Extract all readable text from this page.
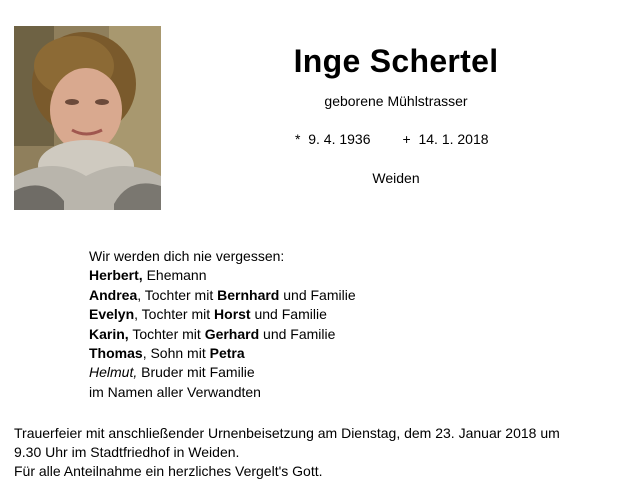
Inge Schertel
geborene Mühlstrasser
*  9. 4. 1936 +  14. 1. 2018
Weiden
Wir werden dich nie vergessen:
Herbert, Ehemann
Andrea, Tochter mit Bernhard und Familie
Evelyn, Tochter mit Horst und Familie
Karin, Tochter mit Gerhard und Familie
Thomas, Sohn mit Petra
Helmut, Bruder mit Familie
im Namen aller Verwandten
Trauerfeier mit anschließender Urnenbeisetzung am Dienstag, dem 23. Januar 2018 um
9.30 Uhr im Stadtfriedhof in Weiden.
Für alle Anteilnahme ein herzliches Vergelt's Gott.
